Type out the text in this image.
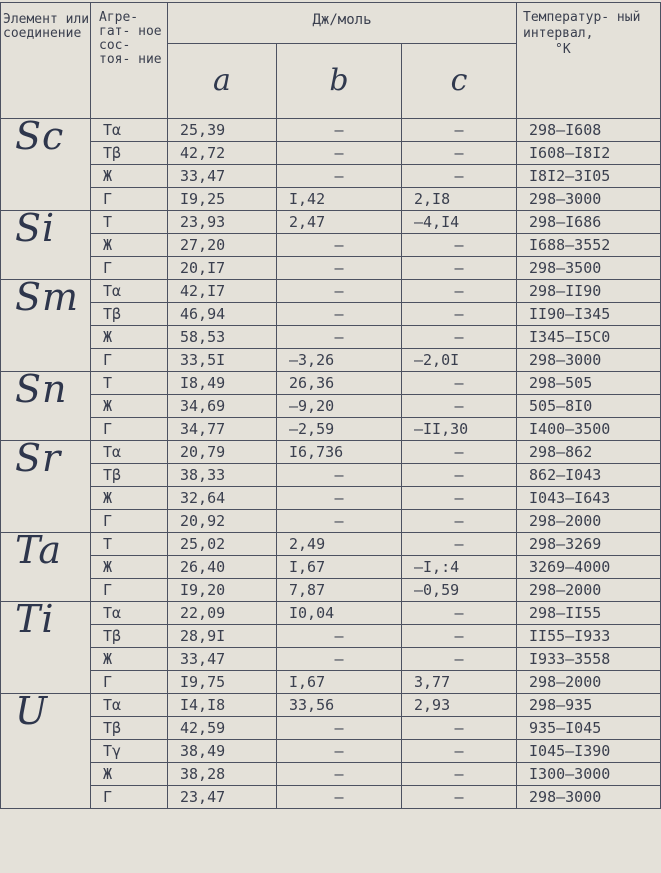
Элемент или соединение	Агре- гат- ное сос- тоя- ние	Дж/моль			Температур- ный интервал,
°K

		a	b	c	

Sc	Tα	25,39	–	–	298–I608
	Tβ	42,72	–	–	I608–I8I2
	Ж	33,47	–	–	I8I2–3I05
	Г	I9,25	I,42	2,I8	298–3000

Si	T	23,93	2,47	–4,I4	298–I686
	Ж	27,20	–	–	I688–3552
	Г	20,I7	–	–	298–3500

Sm	Tα	42,I7	–	–	298–II90
	Tβ	46,94	–	–	II90–I345
	Ж	58,53	–	–	I345–I5C0
	Г	33,5I	–3,26	–2,0I	298–3000

Sn	T	I8,49	26,36	–	298–505
	Ж	34,69	–9,20	–	505–8I0
	Г	34,77	–2,59	–II,30	I400–3500

Sr	Tα	20,79	I6,736	–	298–862
	Tβ	38,33	–	–	862–I043
	Ж	32,64	–	–	I043–I643
	Г	20,92	–	–	298–2000

Ta	T	25,02	2,49	–	298–3269
	Ж	26,40	I,67	–I,:4	3269–4000
	Г	I9,20	7,87	–0,59	298–2000

Ti	Tα	22,09	I0,04	–	298–II55
	Tβ	28,9I	–	–	II55–I933
	Ж	33,47	–	–	I933–3558
	Г	I9,75	I,67	3,77	298–2000

U	Tα	I4,I8	33,56	2,93	298–935
	Tβ	42,59	–	–	935–I045
	Tγ	38,49	–	–	I045–I390
	Ж	38,28	–	–	I300–3000
	Г	23,47	–	–	298–3000
